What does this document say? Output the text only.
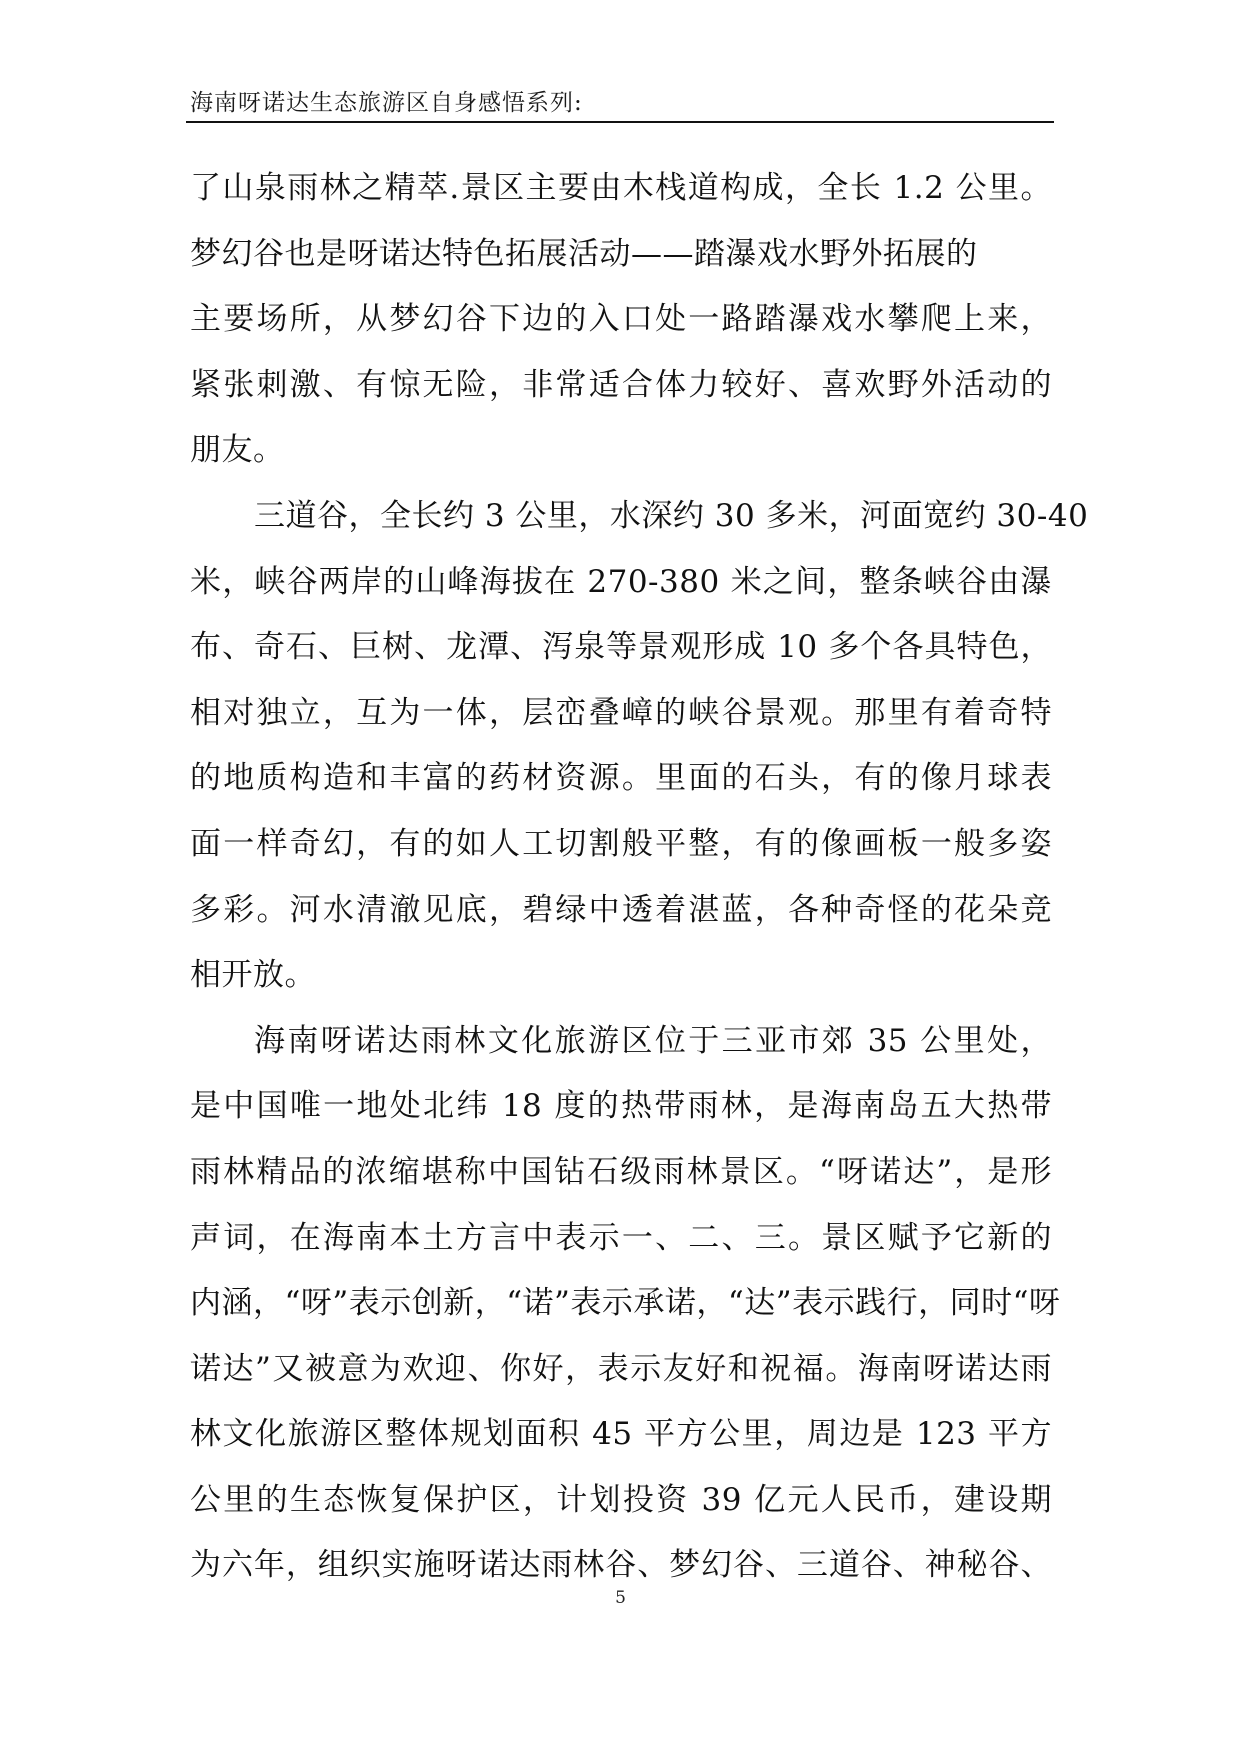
海南呀诺达生态旅游区自身感悟系列:
了山泉雨林之精萃.景区主要由木栈道构成，全长 1.2 公里。
梦幻谷也是呀诺达特色拓展活动——踏瀑戏水野外拓展的
主要场所，从梦幻谷下边的入口处一路踏瀑戏水攀爬上来，
紧张刺激、有惊无险，非常适合体力较好、喜欢野外活动的
朋友。
三道谷，全长约 3 公里，水深约 30 多米，河面宽约 30-40
米，峡谷两岸的山峰海拔在 270-380 米之间，整条峡谷由瀑
布、奇石、巨树、龙潭、泻泉等景观形成 10 多个各具特色，
相对独立，互为一体，层峦叠嶂的峡谷景观。那里有着奇特
的地质构造和丰富的药材资源。里面的石头，有的像月球表
面一样奇幻，有的如人工切割般平整，有的像画板一般多姿
多彩。河水清澈见底，碧绿中透着湛蓝，各种奇怪的花朵竞
相开放。
海南呀诺达雨林文化旅游区位于三亚市郊 35 公里处，
是中国唯一地处北纬 18 度的热带雨林，是海南岛五大热带
雨林精品的浓缩堪称中国钻石级雨林景区。“呀诺达”，是形
声词，在海南本土方言中表示一、二、三。景区赋予它新的
内涵，“呀”表示创新，“诺”表示承诺，“达”表示践行，同时“呀
诺达”又被意为欢迎、你好，表示友好和祝福。海南呀诺达雨
林文化旅游区整体规划面积 45 平方公里，周边是 123 平方
公里的生态恢复保护区，计划投资 39 亿元人民币，建设期
为六年，组织实施呀诺达雨林谷、梦幻谷、三道谷、神秘谷、
5
